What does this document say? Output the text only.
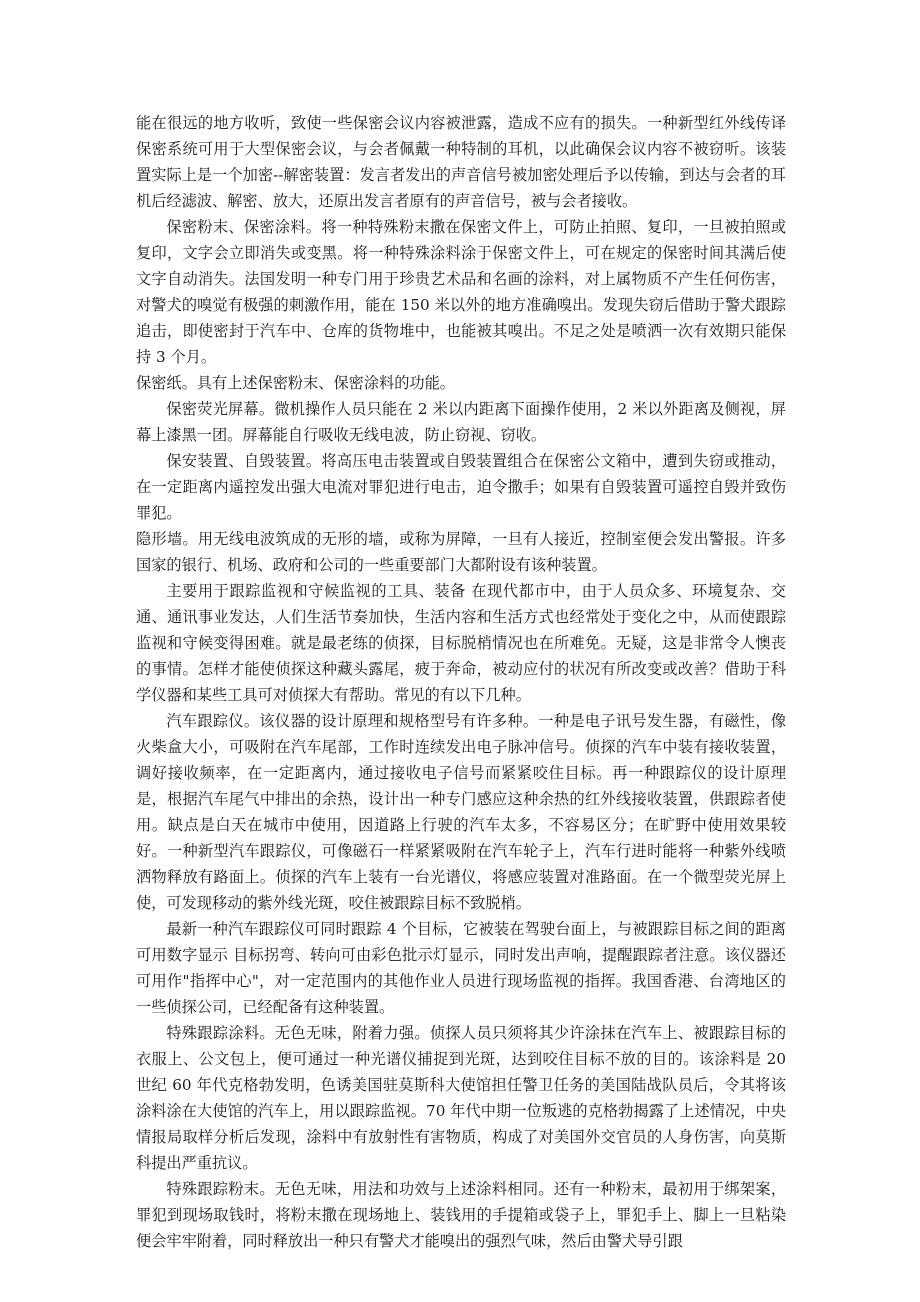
能在很远的地方收听，致使一些保密会议内容被泄露，造成不应有的损失。一种新型红外线传译保密系统可用于大型保密会议，与会者佩戴一种特制的耳机，以此确保会议内容不被窃听。该装置实际上是一个加密--解密装置：发言者发出的声音信号被加密处理后予以传输，到达与会者的耳机后经滤波、解密、放大，还原出发言者原有的声音信号，被与会者接收。

保密粉末、保密涂料。将一种特殊粉末撒在保密文件上，可防止拍照、复印，一旦被拍照或复印，文字会立即消失或变黑。将一种特殊涂料涂于保密文件上，可在规定的保密时间其满后使文字自动消失。法国发明一种专门用于珍贵艺术品和名画的涂料，对上属物质不产生任何伤害，对警犬的嗅觉有极强的刺激作用，能在 150 米以外的地方准确嗅出。发现失窃后借助于警犬跟踪追击，即使密封于汽车中、仓库的货物堆中，也能被其嗅出。不足之处是喷洒一次有效期只能保持 3 个月。

保密纸。具有上述保密粉末、保密涂料的功能。

保密荧光屏幕。微机操作人员只能在 2 米以内距离下面操作使用，2 米以外距离及侧视，屏幕上漆黑一团。屏幕能自行吸收无线电波，防止窃视、窃收。

保安装置、自毁装置。将高压电击装置或自毁装置组合在保密公文箱中，遭到失窃或推动，在一定距离内遥控发出强大电流对罪犯进行电击，迫令撒手；如果有自毁装置可遥控自毁并致伤罪犯。

隐形墙。用无线电波筑成的无形的墙，或称为屏障，一旦有人接近，控制室便会发出警报。许多国家的银行、机场、政府和公司的一些重要部门大都附设有该种装置。

主要用于跟踪监视和守候监视的工具、装备 在现代都市中，由于人员众多、环境复杂、交通、通讯事业发达，人们生活节奏加快，生活内容和生活方式也经常处于变化之中，从而使跟踪监视和守候变得困难。就是最老练的侦探，目标脱梢情况也在所难免。无疑，这是非常令人懊丧的事情。怎样才能使侦探这种藏头露尾，疲于奔命，被动应付的状况有所改变或改善？借助于科学仪器和某些工具可对侦探大有帮助。常见的有以下几种。

汽车跟踪仪。该仪器的设计原理和规格型号有许多种。一种是电子讯号发生器，有磁性，像火柴盒大小，可吸附在汽车尾部，工作时连续发出电子脉冲信号。侦探的汽车中装有接收装置，调好接收频率，在一定距离内，通过接收电子信号而紧紧咬住目标。再一种跟踪仪的设计原理是，根据汽车尾气中排出的余热，设计出一种专门感应这种余热的红外线接收装置，供跟踪者使用。缺点是白天在城市中使用，因道路上行驶的汽车太多，不容易区分；在旷野中使用效果较好。一种新型汽车跟踪仪，可像磁石一样紧紧吸附在汽车轮子上，汽车行进时能将一种紫外线喷洒物释放有路面上。侦探的汽车上装有一台光谱仪，将感应装置对准路面。在一个微型荧光屏上使，可发现移动的紫外线光斑，咬住被跟踪目标不致脱梢。

最新一种汽车跟踪仪可同时跟踪 4 个目标，它被装在驾驶台面上，与被跟踪目标之间的距离可用数字显示 目标拐弯、转向可由彩色批示灯显示，同时发出声响，提醒跟踪者注意。该仪器还可用作"指挥中心"，对一定范围内的其他作业人员进行现场监视的指挥。我国香港、台湾地区的一些侦探公司，已经配备有这种装置。

特殊跟踪涂料。无色无味，附着力强。侦探人员只须将其少许涂抹在汽车上、被跟踪目标的衣服上、公文包上，便可通过一种光谱仪捕捉到光斑，达到咬住目标不放的目的。该涂料是 20 世纪 60 年代克格勃发明，色诱美国驻莫斯科大使馆担任警卫任务的美国陆战队员后，令其将该涂料涂在大使馆的汽车上，用以跟踪监视。70 年代中期一位叛逃的克格勃揭露了上述情况，中央情报局取样分析后发现，涂料中有放射性有害物质，构成了对美国外交官员的人身伤害，向莫斯科提出严重抗议。

特殊跟踪粉末。无色无味，用法和功效与上述涂料相同。还有一种粉末，最初用于绑架案，罪犯到现场取钱时，将粉末撒在现场地上、装钱用的手提箱或袋子上，罪犯手上、脚上一旦粘染便会牢牢附着，同时释放出一种只有警犬才能嗅出的强烈气味，然后由警犬导引跟
